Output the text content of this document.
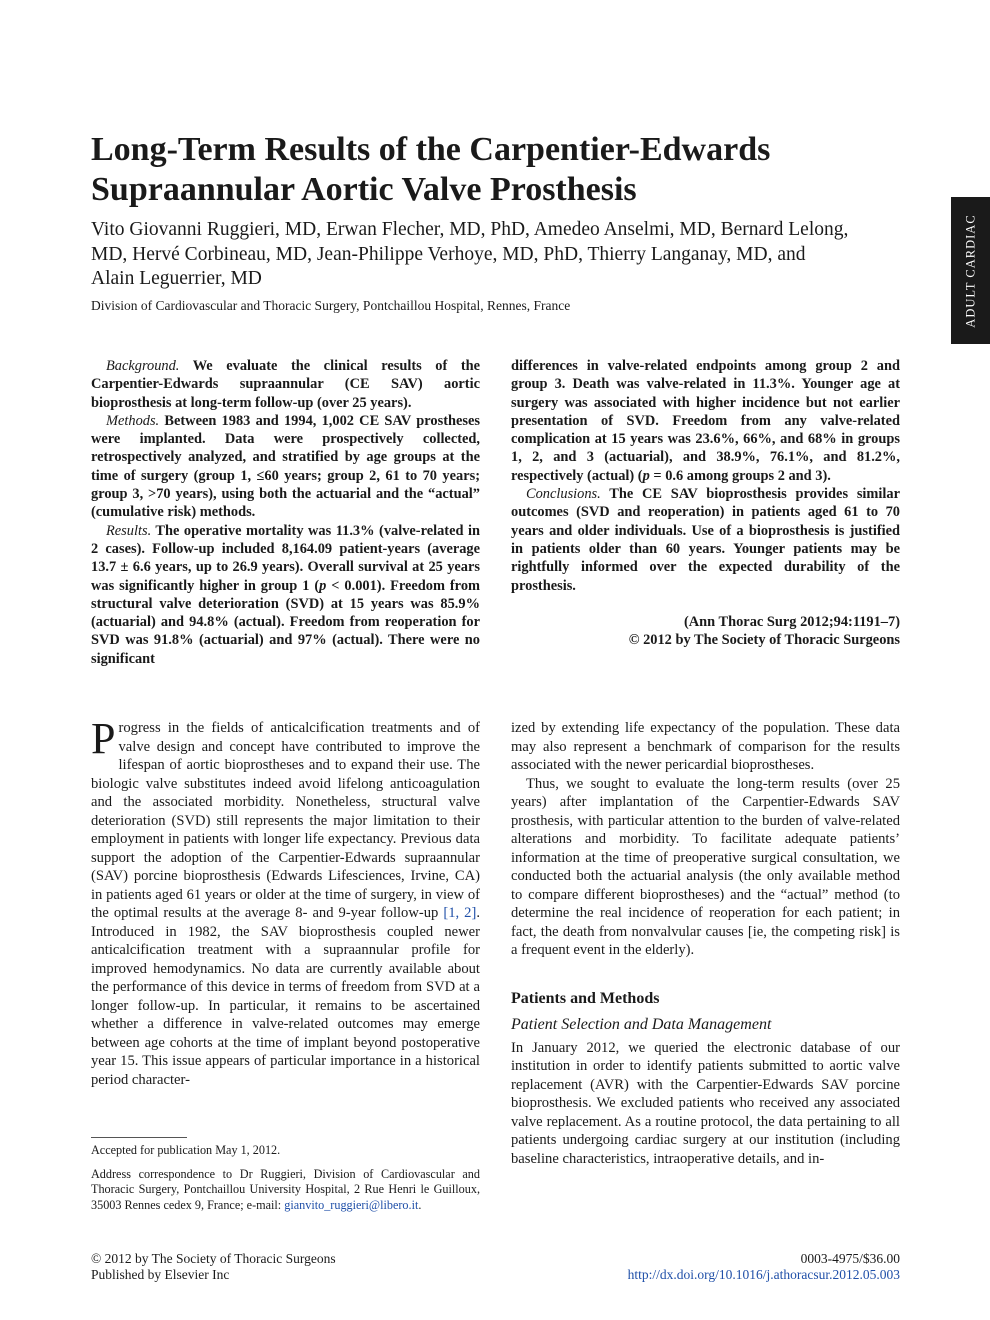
Long-Term Results of the Carpentier-Edwards
Supraannular Aortic Valve Prosthesis
Vito Giovanni Ruggieri, MD, Erwan Flecher, MD, PhD, Amedeo Anselmi, MD, Bernard Lelong, MD, Hervé Corbineau, MD, Jean-Philippe Verhoye, MD, PhD, Thierry Langanay, MD, and Alain Leguerrier, MD
Division of Cardiovascular and Thoracic Surgery, Pontchaillou Hospital, Rennes, France	ADULT CARDIAC

Background. We evaluate the clinical results of the Carpentier-Edwards supraannular (CE SAV) aortic bioprosthesis at long-term follow-up (over 25 years).

Methods. Between 1983 and 1994, 1,002 CE SAV prostheses were implanted. Data were prospectively collected, retrospectively analyzed, and stratified by age groups at the time of surgery (group 1, ≤60 years; group 2, 61 to 70 years; group 3, >70 years), using both the actuarial and the “actual” (cumulative risk) methods.

Results. The operative mortality was 11.3% (valve-related in 2 cases). Follow-up included 8,164.09 patient-years (average 13.7 ± 6.6 years, up to 26.9 years). Overall survival at 25 years was significantly higher in group 1 (p < 0.001). Freedom from structural valve deterioration (SVD) at 15 years was 85.9% (actuarial) and 94.8% (actual). Freedom from reoperation for SVD was 91.8% (actuarial) and 97% (actual). There were no significant

differences in valve-related endpoints among group 2 and group 3. Death was valve-related in 11.3%. Younger age at surgery was associated with higher incidence but not earlier presentation of SVD. Freedom from any valve-related complication at 15 years was 23.6%, 66%, and 68% in groups 1, 2, and 3 (actuarial), and 38.9%, 76.1%, and 81.2%, respectively (actual) (p = 0.6 among groups 2 and 3).

Conclusions. The CE SAV bioprosthesis provides similar outcomes (SVD and reoperation) in patients aged 61 to 70 years and older individuals. Use of a bioprosthesis is justified in patients older than 60 years. Younger patients may be rightfully informed over the expected durability of the prosthesis.

(Ann Thorac Surg 2012;94:1191–7)
© 2012 by The Society of Thoracic Surgeons

Progress in the fields of anticalcification treatments and of valve design and concept have contributed to improve the lifespan of aortic bioprostheses and to expand their use. The biologic valve substitutes indeed avoid lifelong anticoagulation and the associated morbidity. Nonetheless, structural valve deterioration (SVD) still represents the major limitation to their employment in patients with longer life expectancy. Previous data support the adoption of the Carpentier-Edwards supraannular (SAV) porcine bioprosthesis (Edwards Lifesciences, Irvine, CA) in patients aged 61 years or older at the time of surgery, in view of the optimal results at the average 8- and 9-year follow-up [1, 2]. Introduced in 1982, the SAV bioprosthesis coupled newer anticalcification treatment with a supraannular profile for improved hemodynamics. No data are currently available about the performance of this device in terms of freedom from SVD at a longer follow-up. In particular, it remains to be ascertained whether a difference in valve-related outcomes may emerge between age cohorts at the time of implant beyond postoperative year 15. This issue appears of particular importance in a historical period character-

ized by extending life expectancy of the population. These data may also represent a benchmark of comparison for the results associated with the newer pericardial bioprostheses.

Thus, we sought to evaluate the long-term results (over 25 years) after implantation of the Carpentier-Edwards SAV prosthesis, with particular attention to the burden of valve-related alterations and morbidity. To facilitate adequate patients’ information at the time of preoperative surgical consultation, we conducted both the actuarial analysis (the only available method to compare different bioprostheses) and the “actual” method (to determine the real incidence of reoperation for each patient; in fact, the death from nonvalvular causes [ie, the competing risk] is a frequent event in the elderly).

Patients and Methods

Patient Selection and Data Management

In January 2012, we queried the electronic database of our institution in order to identify patients submitted to aortic valve replacement (AVR) with the Carpentier-Edwards SAV porcine bioprosthesis. We excluded patients who received any associated valve replacement. As a routine protocol, the data pertaining to all patients undergoing cardiac surgery at our institution (including baseline characteristics, intraoperative details, and in-

Accepted for publication May 1, 2012.

Address correspondence to Dr Ruggieri, Division of Cardiovascular and Thoracic Surgery, Pontchaillou University Hospital, 2 Rue Henri le Guilloux, 35003 Rennes cedex 9, France; e-mail: gianvito_ruggieri@libero.it.

© 2012 by The Society of Thoracic Surgeons
Published by Elsevier Inc
0003-4975/$36.00
http://dx.doi.org/10.1016/j.athoracsur.2012.05.003
